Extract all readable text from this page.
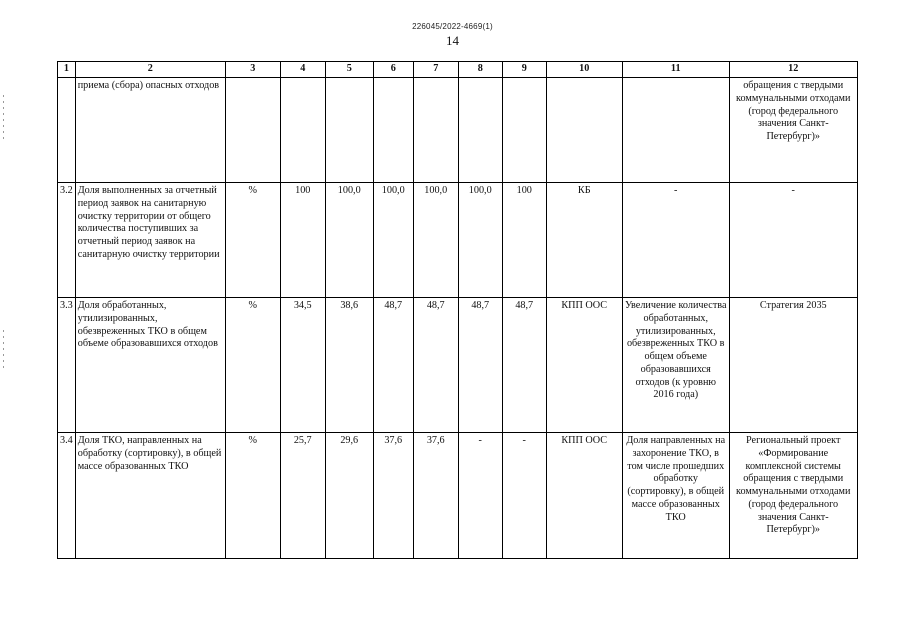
226045/2022-4669(1)
14
1	2	3	4	5	6	7	8	9	10	11	12
	приема (сбора) опасных отходов										обращения с твердыми коммунальными отходами (город федерального значения Санкт-Петербург)»
3.2	Доля выполненных за отчетный период заявок на санитарную очистку территории от общего количества поступивших за отчетный период заявок на санитарную очистку территории	%	100	100,0	100,0	100,0	100,0	100	КБ	-	-
3.3	Доля обработанных, утилизированных, обезвреженных ТКО в общем объеме образовавшихся отходов	%	34,5	38,6	48,7	48,7	48,7	48,7	КПП ООС	Увеличение количества обработанных, утилизированных, обезвреженных ТКО в общем объеме образовавшихся отходов (к уровню 2016 года)	Стратегия 2035
3.4	Доля ТКО, направленных на обработку (сортировку), в общей массе образованных ТКО	%	25,7	29,6	37,6	37,6	-	-	КПП ООС	Доля направленных на захоронение ТКО, в том числе прошедших обработку (сортировку), в общей массе образованных ТКО	Региональный проект «Формирование комплексной системы обращения с твердыми коммунальными отходами (город федерального значения Санкт-Петербург)»
